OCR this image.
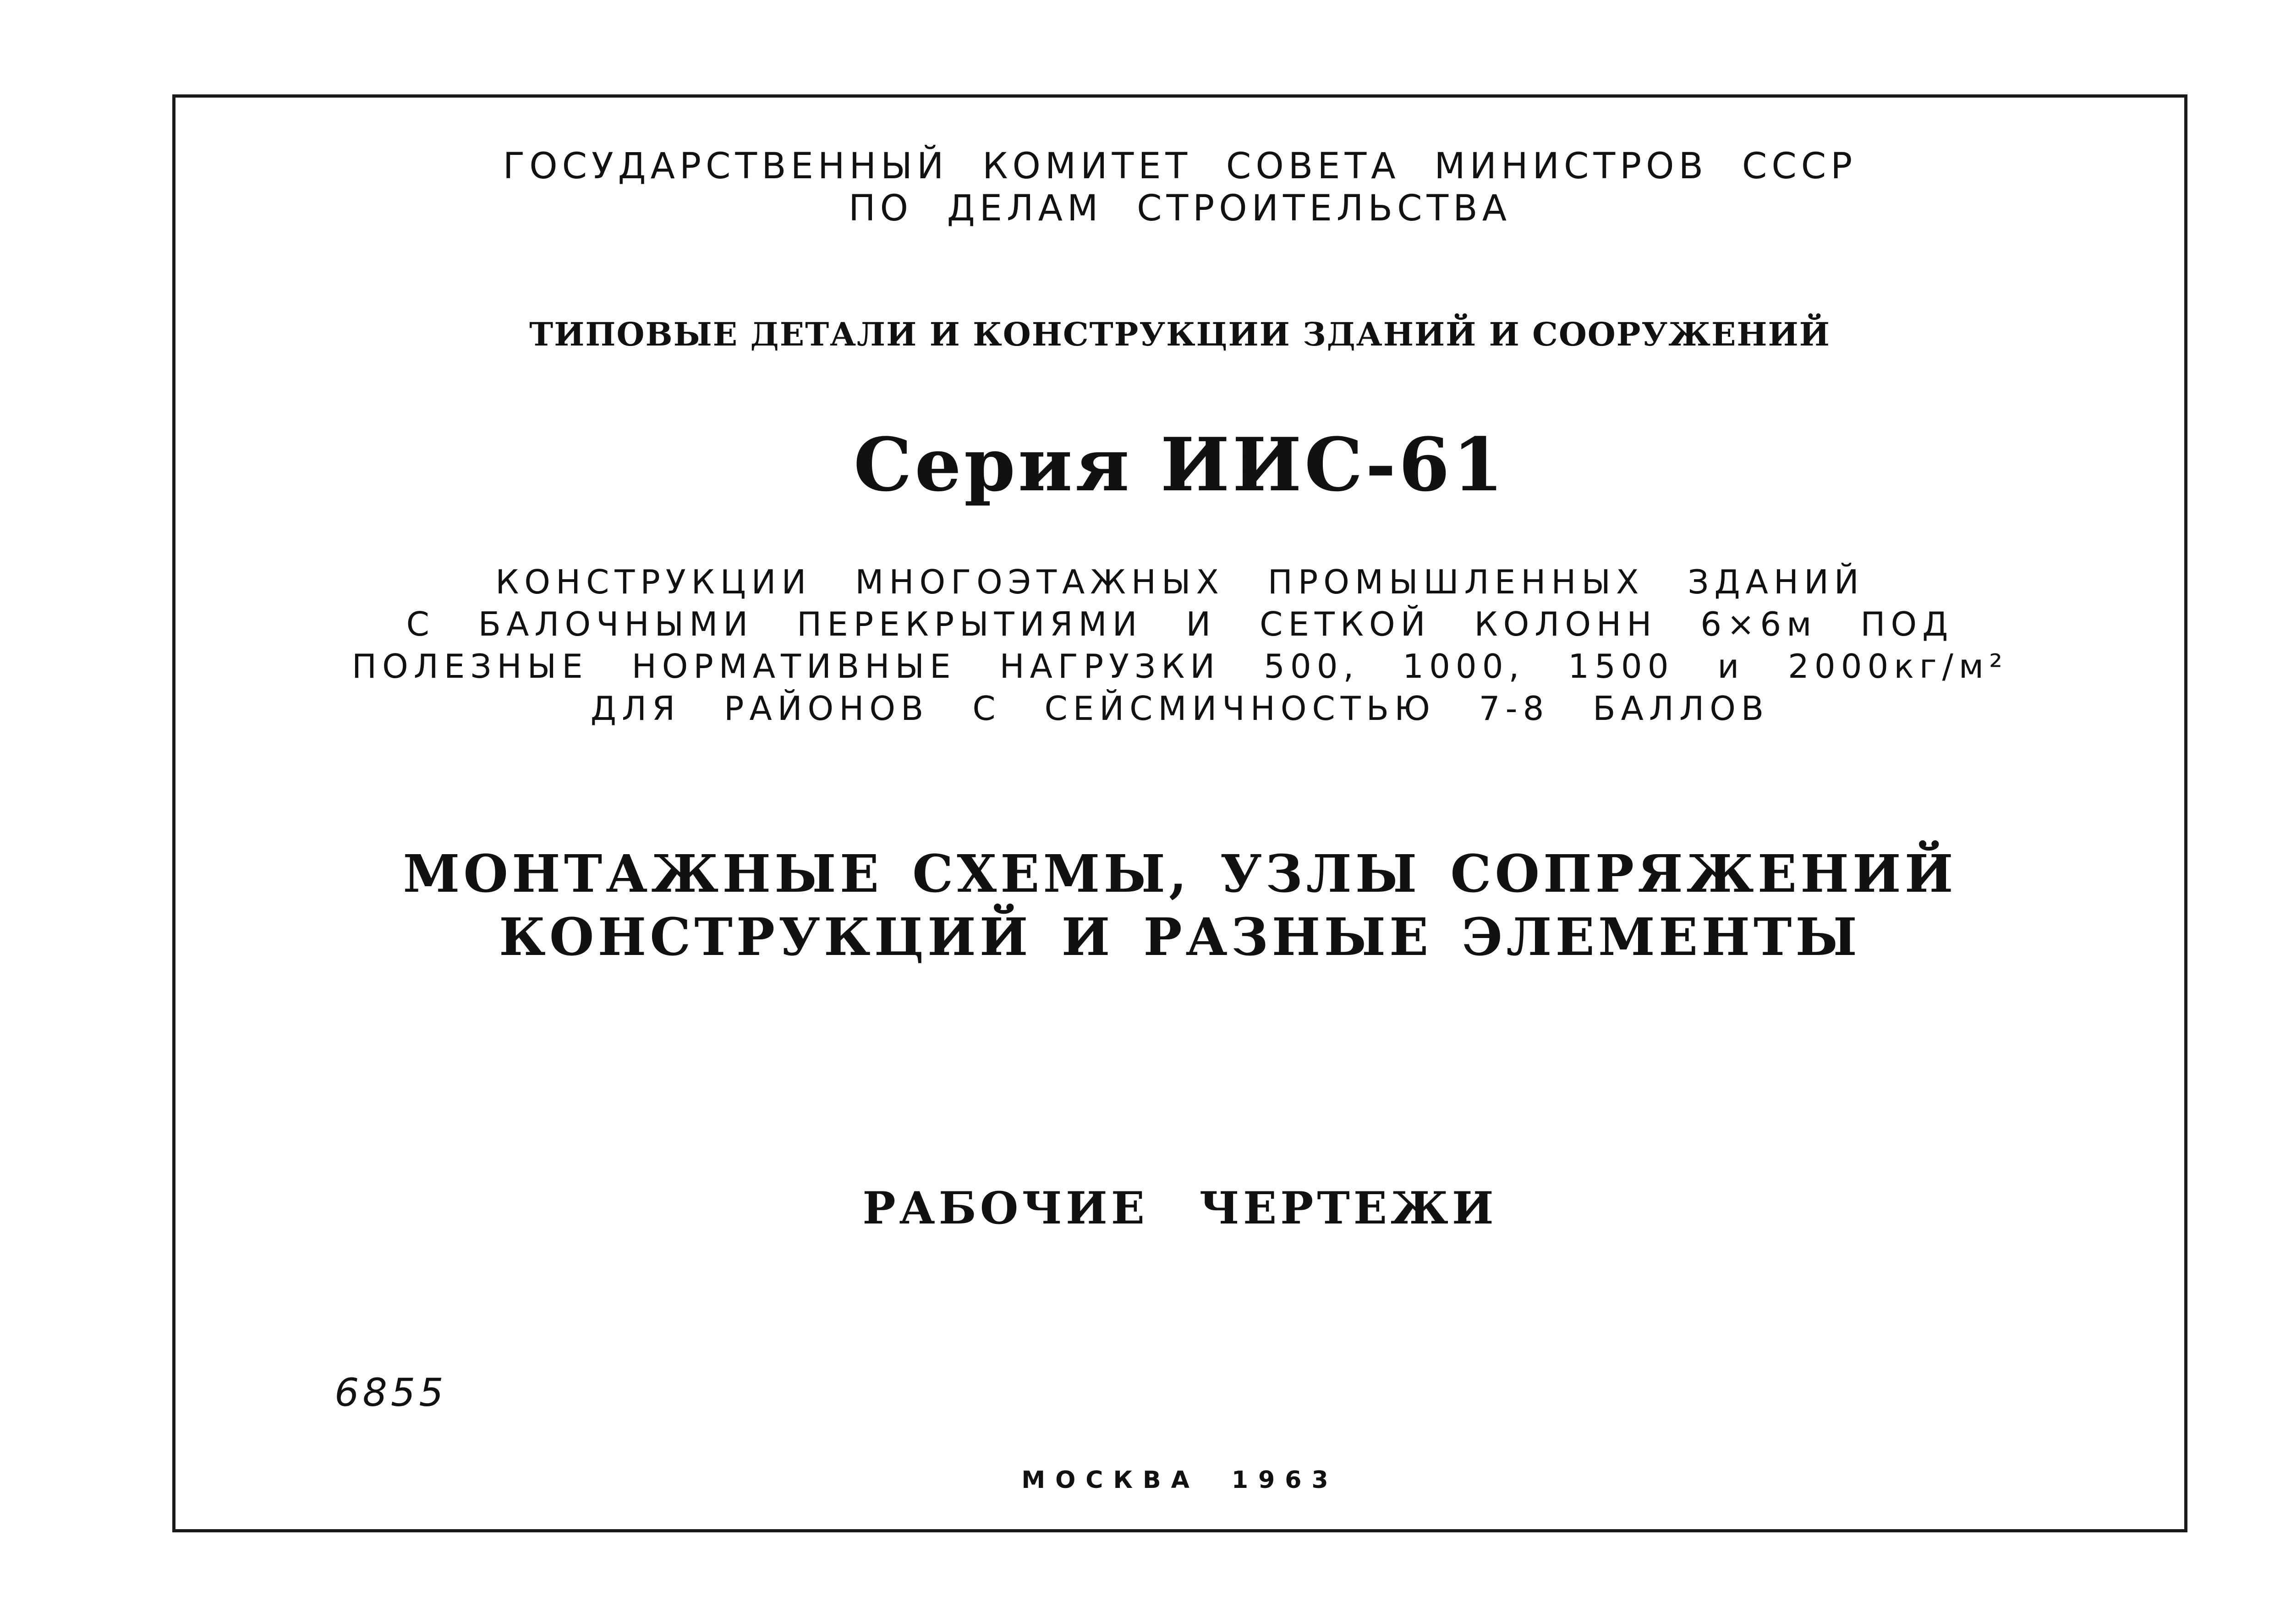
ГОСУДАРСТВЕННЫЙ КОМИТЕТ СОВЕТА МИНИСТРОВ СССР
ПО ДЕЛАМ СТРОИТЕЛЬСТВА
ТИПОВЫЕ ДЕТАЛИ И КОНСТРУКЦИИ ЗДАНИЙ И СООРУЖЕНИЙ
Серия ИИС-61
КОНСТРУКЦИИ МНОГОЭТАЖНЫХ ПРОМЫШЛЕННЫХ ЗДАНИЙ
С БАЛОЧНЫМИ ПЕРЕКРЫТИЯМИ И СЕТКОЙ КОЛОНН 6×6м ПОД
ПОЛЕЗНЫЕ НОРМАТИВНЫЕ НАГРУЗКИ 500, 1000, 1500 и 2000кг/м²
ДЛЯ РАЙОНОВ С СЕЙСМИЧНОСТЬЮ 7-8 БАЛЛОВ
МОНТАЖНЫЕ СХЕМЫ, УЗЛЫ СОПРЯЖЕНИЙ
КОНСТРУКЦИЙ И РАЗНЫЕ ЭЛЕМЕНТЫ
РАБОЧИЕ ЧЕРТЕЖИ
6855
МОСКВА 1963
